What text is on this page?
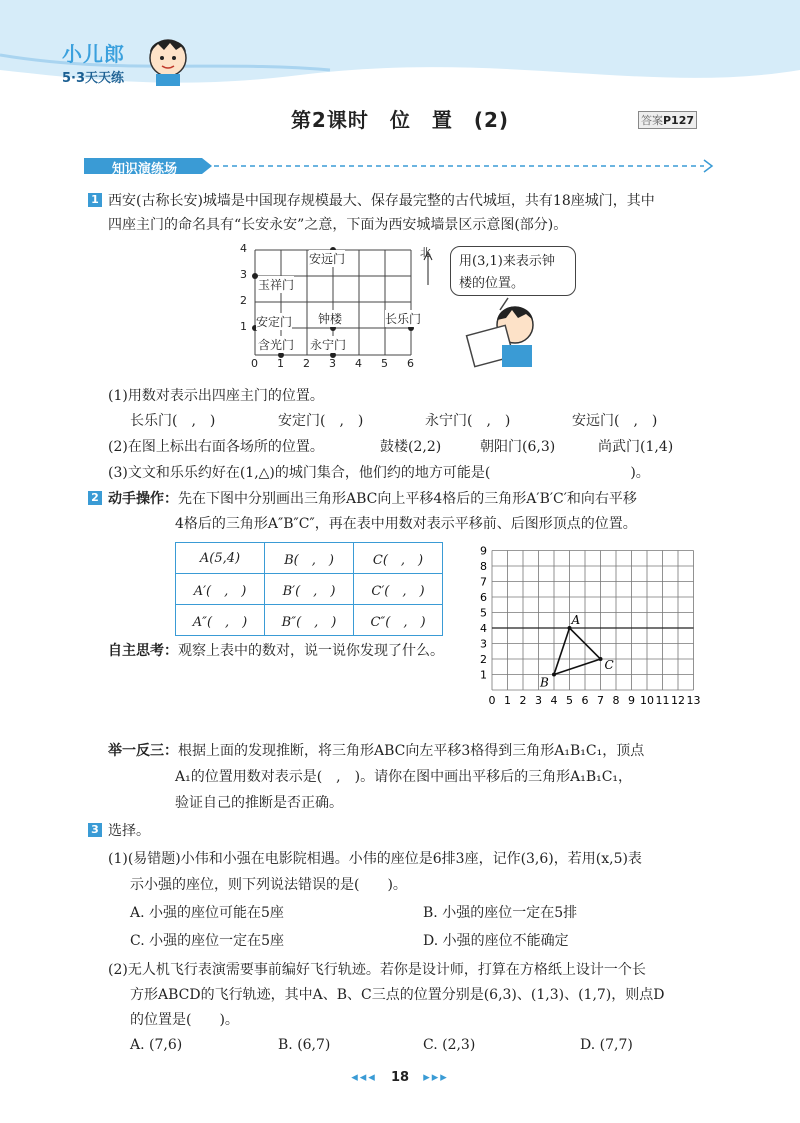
小儿郎
5·3天天练
第2课时　位　置　(2)	答案P127
知识演练场
1 西安(古称长安)城墙是中国现存规模最大、保存最完整的古代城垣，共有18座城门，其中
四座主门的命名具有“长安永安”之意，下面为西安城墙景区示意图(部分)。
安远门
玉祥门
安定门 钟楼	长乐门
含光门 永宁门
北
0 1 2 3 4 5 6
1
2
3
4
用(3,1)来表示钟楼的位置。
(1)用数对表示出四座主门的位置。
长乐门(　,　)	安定门(　,　)	永宁门(　,　)	安远门(　,　)
(2)在图上标出右面各场所的位置。	鼓楼(2,2)	朝阳门(6,3)	尚武门(1,4)
(3)文文和乐乐约好在(1,△)的城门集合，他们约的地方可能是(　　　　　　　　　　)。
2 动手操作：先在下图中分别画出三角形ABC向上平移4格后的三角形A′B′C′和向右平移
4格后的三角形A″B″C″，再在表中用数对表示平移前、后图形顶点的位置。
A(5,4)	B(　,　)	C(　,　)
A′(　,　)	B′(　,　)	C′(　,　)
A″(　,　)	B″(　,　)	C″(　,　)
自主思考：观察上表中的数对，说一说你发现了什么。
0 1 2 3 4 5 6 7 8 9 10 11 12 13
1
2
3
4
5
6
7
8
9
A
B
C
举一反三：根据上面的发现推断，将三角形ABC向左平移3格得到三角形A₁B₁C₁，顶点
A₁的位置用数对表示是(　,　)。请你在图中画出平移后的三角形A₁B₁C₁，
验证自己的推断是否正确。
3 选择。
(1)(易错题)小伟和小强在电影院相遇。小伟的座位是6排3座，记作(3,6)，若用(x,5)表
示小强的座位，则下列说法错误的是(　　)。
A. 小强的座位可能在5座	B. 小强的座位一定在5排
C. 小强的座位一定在5座	D. 小强的座位不能确定
(2)无人机飞行表演需要事前编好飞行轨迹。若你是设计师，打算在方格纸上设计一个长
方形ABCD的飞行轨迹，其中A、B、C三点的位置分别是(6,3)、(1,3)、(1,7)，则点D
的位置是(　　)。
A. (7,6)	B. (6,7)	C. (2,3)	D. (7,7)
◂◂◂ 18 ▸▸▸
